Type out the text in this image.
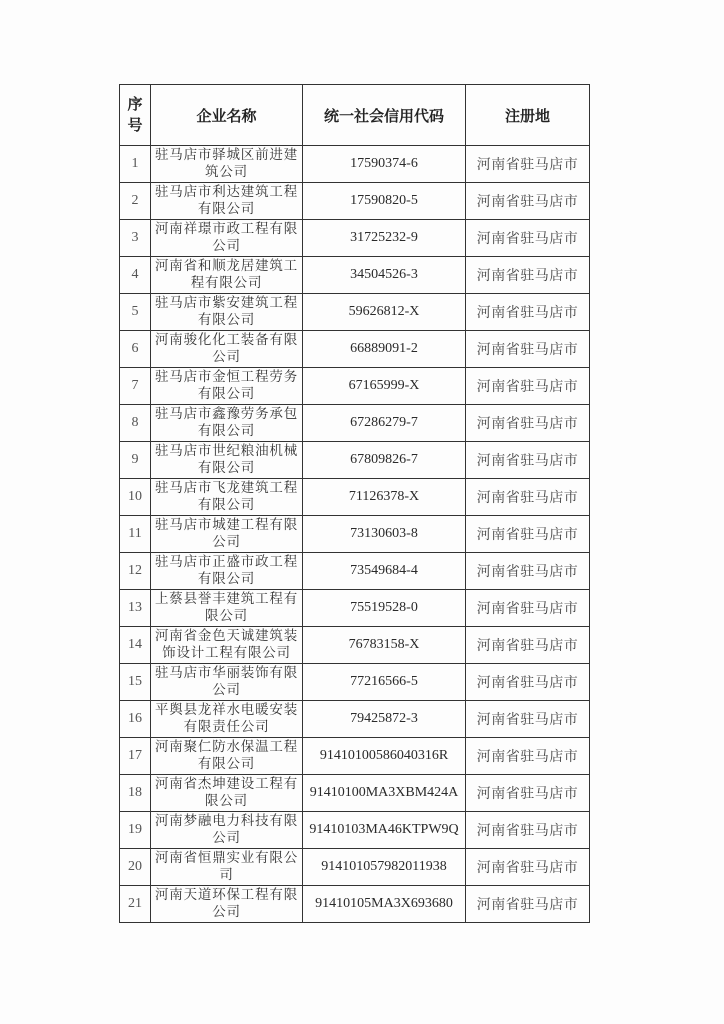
序号	企业名称	统一社会信用代码	注册地
1	驻马店市驿城区前进建筑公司	17590374-6	河南省驻马店市
2	驻马店市利达建筑工程有限公司	17590820-5	河南省驻马店市
3	河南祥璟市政工程有限公司	31725232-9	河南省驻马店市
4	河南省和顺龙居建筑工程有限公司	34504526-3	河南省驻马店市
5	驻马店市紫安建筑工程有限公司	59626812-X	河南省驻马店市
6	河南骏化化工装备有限公司	66889091-2	河南省驻马店市
7	驻马店市金恒工程劳务有限公司	67165999-X	河南省驻马店市
8	驻马店市鑫豫劳务承包有限公司	67286279-7	河南省驻马店市
9	驻马店市世纪粮油机械有限公司	67809826-7	河南省驻马店市
10	驻马店市飞龙建筑工程有限公司	71126378-X	河南省驻马店市
11	驻马店市城建工程有限公司	73130603-8	河南省驻马店市
12	驻马店市正盛市政工程有限公司	73549684-4	河南省驻马店市
13	上蔡县誉丰建筑工程有限公司	75519528-0	河南省驻马店市
14	河南省金色天诚建筑装饰设计工程有限公司	76783158-X	河南省驻马店市
15	驻马店市华丽装饰有限公司	77216566-5	河南省驻马店市
16	平舆县龙祥水电暖安装有限责任公司	79425872-3	河南省驻马店市
17	河南聚仁防水保温工程有限公司	91410100586040316R	河南省驻马店市
18	河南省杰坤建设工程有限公司	91410100MA3XBM424A	河南省驻马店市
19	河南梦融电力科技有限公司	91410103MA46KTPW9Q	河南省驻马店市
20	河南省恒鼎实业有限公司	914101057982011938	河南省驻马店市
21	河南天道环保工程有限公司	91410105MA3X693680	河南省驻马店市
